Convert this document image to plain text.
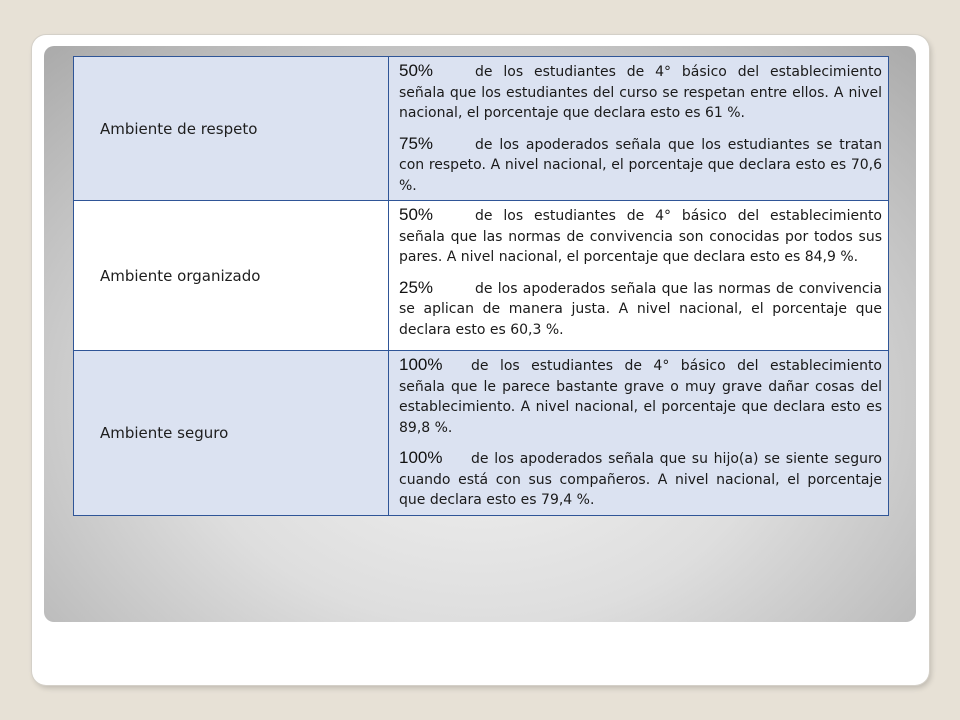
Ambiente de respeto	50% de los estudiantes de 4° básico del establecimiento señala que los estudiantes del curso se respetan entre ellos. A nivel nacional, el porcentaje que declara esto es 61 %.

75% de los apoderados señala que los estudiantes se tratan con respeto. A nivel nacional, el porcentaje que declara esto es 70,6 %.

Ambiente organizado	50% de los estudiantes de 4° básico del establecimiento señala que las normas de convivencia son conocidas por todos sus pares. A nivel nacional, el porcentaje que declara esto es 84,9 %.

25% de los apoderados señala que las normas de convivencia se aplican de manera justa. A nivel nacional, el porcentaje que declara esto es 60,3 %.

Ambiente seguro	100% de los estudiantes de 4° básico del establecimiento señala que le parece bastante grave o muy grave dañar cosas del establecimiento. A nivel nacional, el porcentaje que declara esto es 89,8 %.

100% de los apoderados señala que su hijo(a) se siente seguro cuando está con sus compañeros. A nivel nacional, el porcentaje que declara esto es 79,4 %.
